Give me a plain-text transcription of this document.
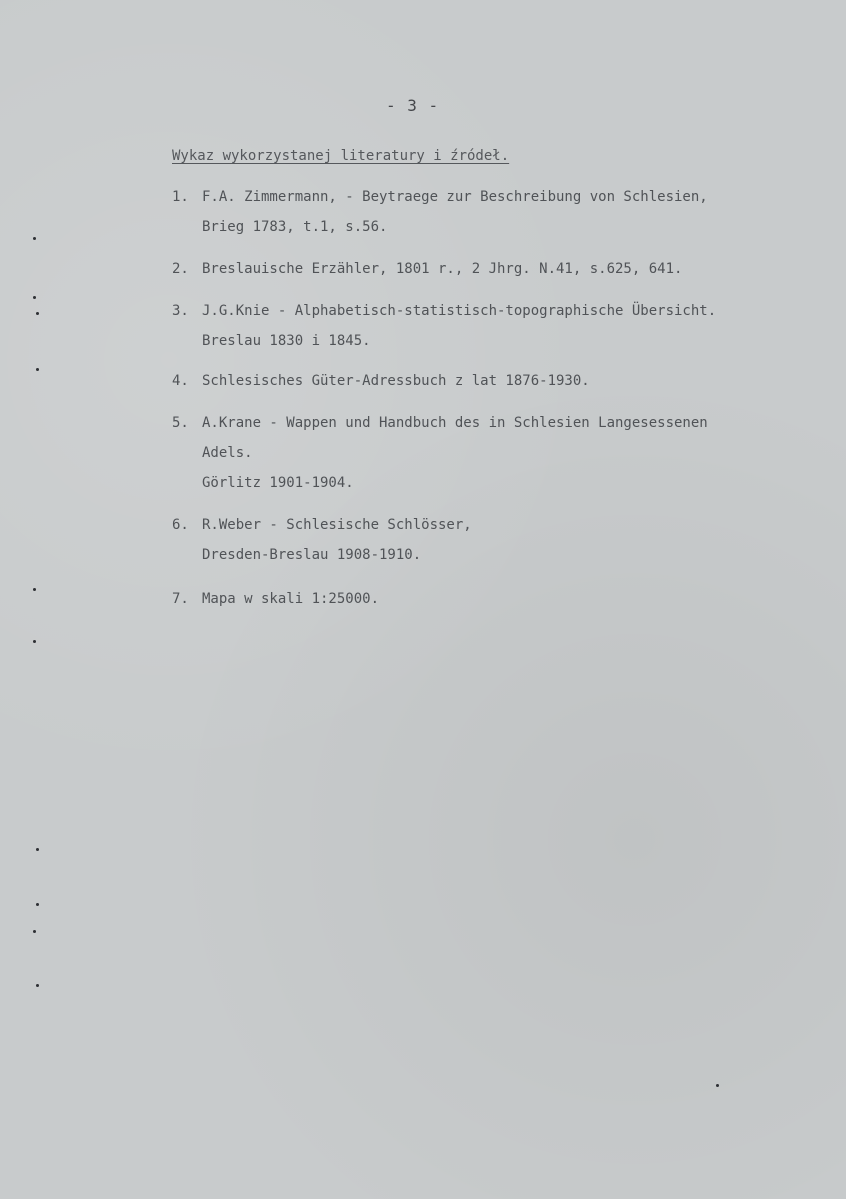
- 3 -
Wykaz wykorzystanej literatury i źródeł.
1. F.A. Zimmermann, - Beytraege zur Beschreibung von Schlesien,
Brieg 1783, t.1, s.56.
2. Breslauische Erzähler, 1801 r., 2 Jhrg. N.41, s.625, 641.
3. J.G.Knie - Alphabetisch-statistisch-topographische Übersicht.
Breslau 1830 i 1845.
4. Schlesisches Güter-Adressbuch z lat 1876-1930.
5. A.Krane - Wappen und Handbuch des in Schlesien Langesessenen
Adels.
Görlitz 1901-1904.
6. R.Weber - Schlesische Schlösser,
Dresden-Breslau 1908-1910.
7. Mapa w skali 1:25000.
